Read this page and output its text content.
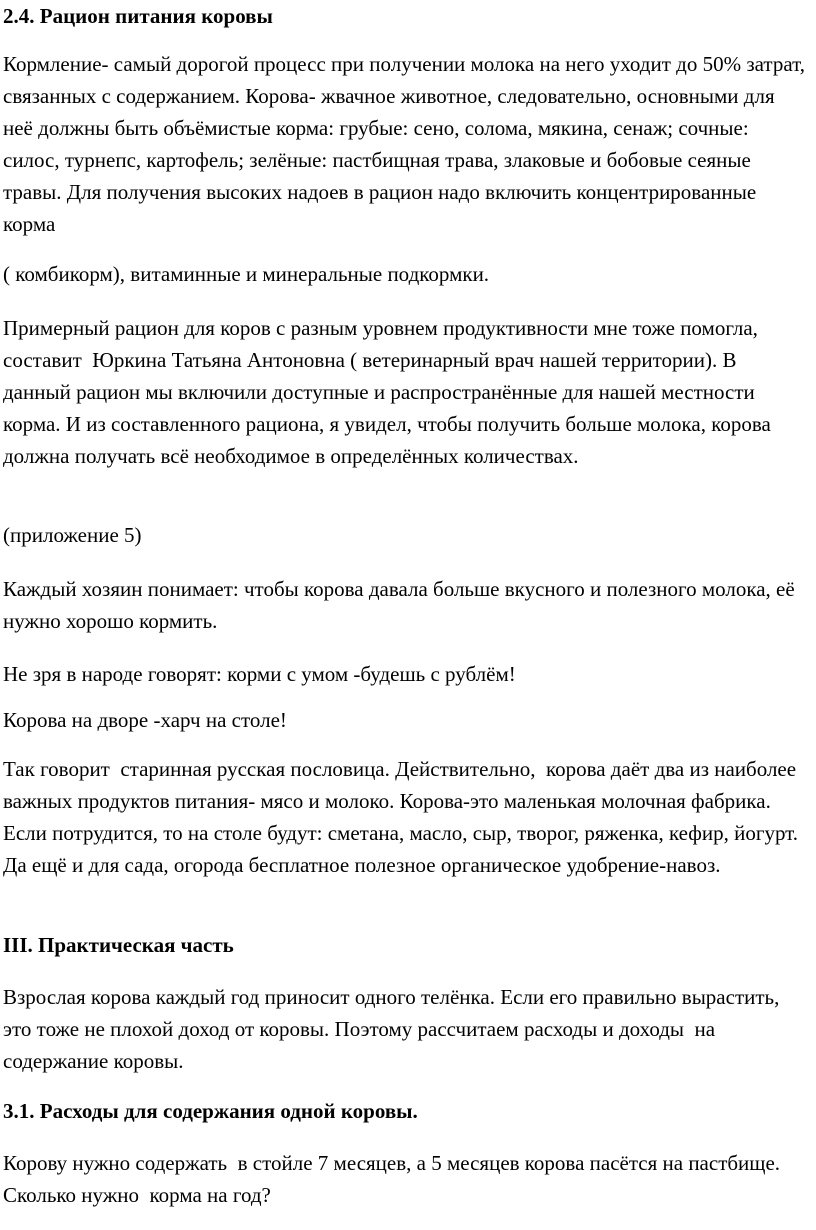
2.4. Рацион питания коровы

Кормление- самый дорогой процесс при получении молока на него уходит до 50% затрат, связанных с содержанием. Корова- жвачное животное, следовательно, основными для неё должны быть объёмистые корма: грубые: сено, солома, мякина, сенаж; сочные: силос, турнепс, картофель; зелёные: пастбищная трава, злаковые и бобовые сеяные травы. Для получения высоких надоев в рацион надо включить концентрированные корма

( комбикорм), витаминные и минеральные подкормки.

Примерный рацион для коров с разным уровнем продуктивности мне тоже помогла, составит  Юркина Татьяна Антоновна ( ветеринарный врач нашей территории). В данный рацион мы включили доступные и распространённые для нашей местности корма. И из составленного рациона, я увидел, чтобы получить больше молока, корова должна получать всё необходимое в определённых количествах.

(приложение 5)

Каждый хозяин понимает: чтобы корова давала больше вкусного и полезного молока, её нужно хорошо кормить.

Не зря в народе говорят: корми с умом -будешь с рублём!

Корова на дворе -харч на столе!

Так говорит  старинная русская пословица. Действительно,  корова даёт два из наиболее важных продуктов питания- мясо и молоко. Корова-это маленькая молочная фабрика.  Если потрудится, то на столе будут: сметана, масло, сыр, творог, ряженка, кефир, йогурт.  Да ещё и для сада, огорода бесплатное полезное органическое удобрение-навоз.

III. Практическая часть

Взрослая корова каждый год приносит одного телёнка. Если его правильно вырастить, это тоже не плохой доход от коровы. Поэтому рассчитаем расходы и доходы  на содержание коровы.

3.1. Расходы для содержания одной коровы.

Корову нужно содержать  в стойле 7 месяцев, а 5 месяцев корова пасётся на пастбище. Сколько нужно  корма на год?
